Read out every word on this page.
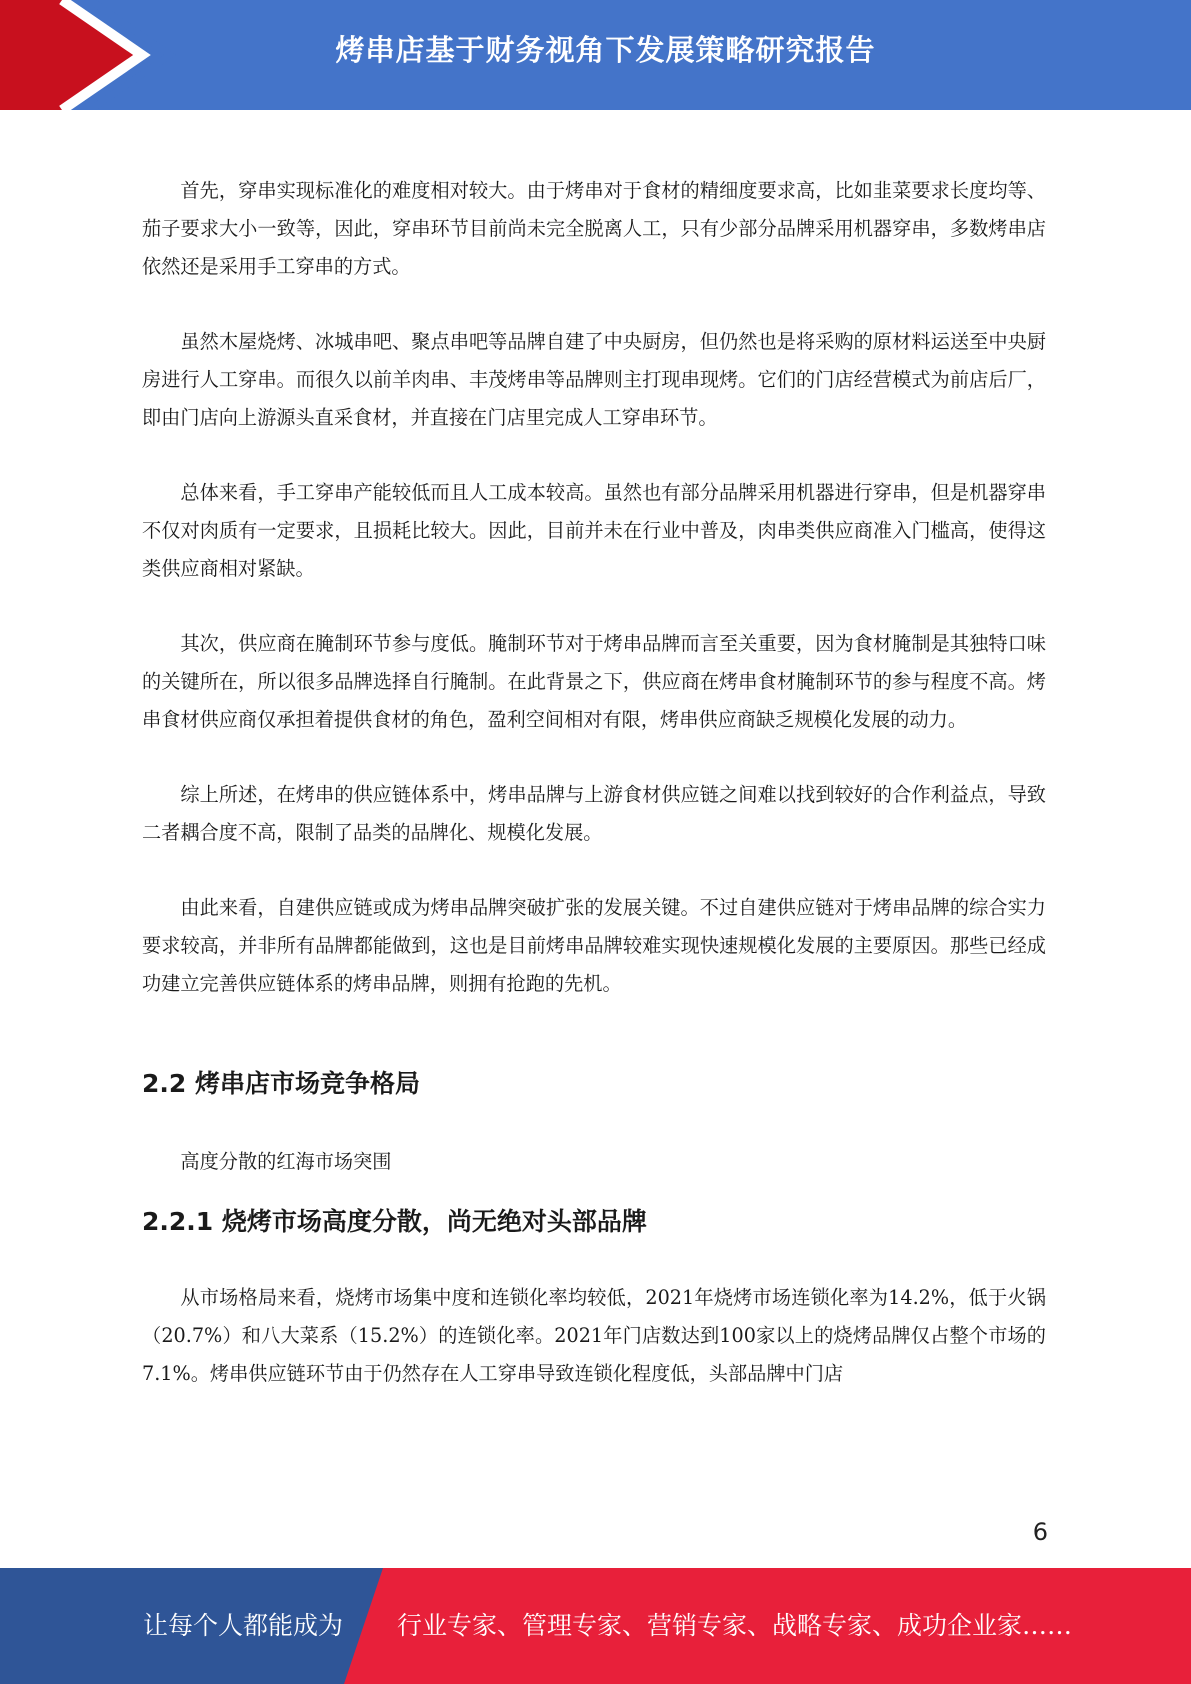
烤串店基于财务视角下发展策略研究报告

首先，穿串实现标准化的难度相对较大。由于烤串对于食材的精细度要求高，比如韭菜要求长度均等、茄子要求大小一致等，因此，穿串环节目前尚未完全脱离人工，只有少部分品牌采用机器穿串，多数烤串店依然还是采用手工穿串的方式。

虽然木屋烧烤、冰城串吧、聚点串吧等品牌自建了中央厨房，但仍然也是将采购的原材料运送至中央厨房进行人工穿串。而很久以前羊肉串、丰茂烤串等品牌则主打现串现烤。它们的门店经营模式为前店后厂，即由门店向上游源头直采食材，并直接在门店里完成人工穿串环节。

总体来看，手工穿串产能较低而且人工成本较高。虽然也有部分品牌采用机器进行穿串，但是机器穿串不仅对肉质有一定要求，且损耗比较大。因此，目前并未在行业中普及，肉串类供应商准入门槛高，使得这类供应商相对紧缺。

其次，供应商在腌制环节参与度低。腌制环节对于烤串品牌而言至关重要，因为食材腌制是其独特口味的关键所在，所以很多品牌选择自行腌制。在此背景之下，供应商在烤串食材腌制环节的参与程度不高。烤串食材供应商仅承担着提供食材的角色，盈利空间相对有限，烤串供应商缺乏规模化发展的动力。

综上所述，在烤串的供应链体系中，烤串品牌与上游食材供应链之间难以找到较好的合作利益点，导致二者耦合度不高，限制了品类的品牌化、规模化发展。

由此来看，自建供应链或成为烤串品牌突破扩张的发展关键。不过自建供应链对于烤串品牌的综合实力要求较高，并非所有品牌都能做到，这也是目前烤串品牌较难实现快速规模化发展的主要原因。那些已经成功建立完善供应链体系的烤串品牌，则拥有抢跑的先机。

2.2 烤串店市场竞争格局

高度分散的红海市场突围

2.2.1 烧烤市场高度分散，尚无绝对头部品牌

从市场格局来看，烧烤市场集中度和连锁化率均较低，2021年烧烤市场连锁化率为14.2%，低于火锅（20.7%）和八大菜系（15.2%）的连锁化率。2021年门店数达到100家以上的烧烤品牌仅占整个市场的7.1%。烤串供应链环节由于仍然存在人工穿串导致连锁化程度低，头部品牌中门店

6
让每个人都能成为 行业专家、管理专家、营销专家、战略专家、成功企业家……
